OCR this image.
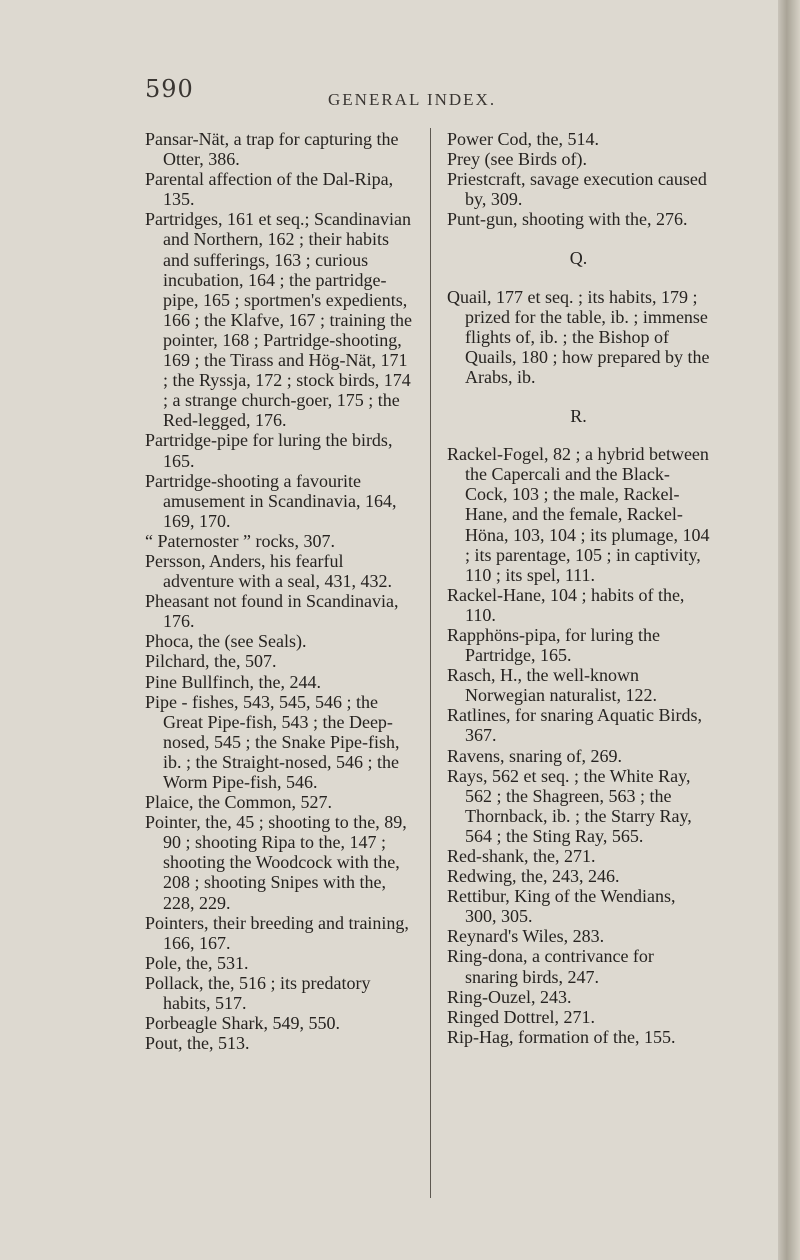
590	GENERAL INDEX.

Pansar-Nät, a trap for capturing the Otter, 386.

Parental affection of the Dal-Ripa, 135.

Partridges, 161 et seq.; Scandinavian and Northern, 162 ; their habits and sufferings, 163 ; curious incubation, 164 ; the partridge-pipe, 165 ; sportmen's expedients, 166 ; the Klafve, 167 ; training the pointer, 168 ; Partridge-shooting, 169 ; the Tirass and Hög-Nät, 171 ; the Ryssja, 172 ; stock birds, 174 ; a strange church-goer, 175 ; the Red-legged, 176.

Partridge-pipe for luring the birds, 165.

Partridge-shooting a favourite amusement in Scandinavia, 164, 169, 170.

“ Paternoster ” rocks, 307.

Persson, Anders, his fearful adventure with a seal, 431, 432.

Pheasant not found in Scandinavia, 176.

Phoca, the (see Seals).

Pilchard, the, 507.

Pine Bullfinch, the, 244.

Pipe - fishes, 543, 545, 546 ; the Great Pipe-fish, 543 ; the Deep-nosed, 545 ; the Snake Pipe-fish, ib. ; the Straight-nosed, 546 ; the Worm Pipe-fish, 546.

Plaice, the Common, 527.

Pointer, the, 45 ; shooting to the, 89, 90 ; shooting Ripa to the, 147 ; shooting the Woodcock with the, 208 ; shooting Snipes with the, 228, 229.

Pointers, their breeding and training, 166, 167.

Pole, the, 531.

Pollack, the, 516 ; its predatory habits, 517.

Porbeagle Shark, 549, 550.

Pout, the, 513.

Power Cod, the, 514.

Prey (see Birds of).

Priestcraft, savage execution caused by, 309.

Punt-gun, shooting with the, 276.

Q.

Quail, 177 et seq. ; its habits, 179 ; prized for the table, ib. ; immense flights of, ib. ; the Bishop of Quails, 180 ; how prepared by the Arabs, ib.

R.

Rackel-Fogel, 82 ; a hybrid between the Capercali and the Black-Cock, 103 ; the male, Rackel-Hane, and the female, Rackel-Höna, 103, 104 ; its plumage, 104 ; its parentage, 105 ; in captivity, 110 ; its spel, 111.

Rackel-Hane, 104 ; habits of the, 110.

Rapphöns-pipa, for luring the Partridge, 165.

Rasch, H., the well-known Norwegian naturalist, 122.

Ratlines, for snaring Aquatic Birds, 367.

Ravens, snaring of, 269.

Rays, 562 et seq. ; the White Ray, 562 ; the Shagreen, 563 ; the Thornback, ib. ; the Starry Ray, 564 ; the Sting Ray, 565.

Red-shank, the, 271.

Redwing, the, 243, 246.

Rettibur, King of the Wendians, 300, 305.

Reynard's Wiles, 283.

Ring-dona, a contrivance for snaring birds, 247.

Ring-Ouzel, 243.

Ringed Dottrel, 271.

Rip-Hag, formation of the, 155.
